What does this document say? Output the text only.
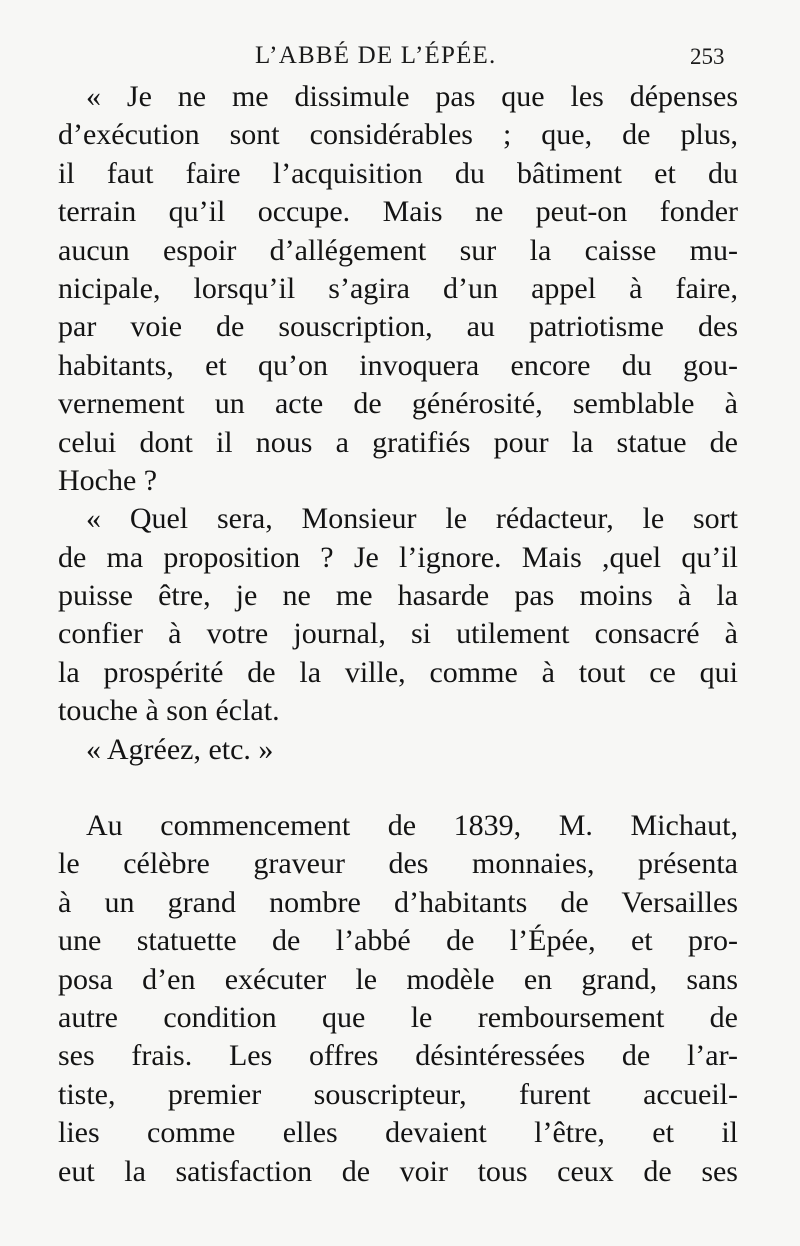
L’ABBÉ DE L’ÉPÉE.	253
« Je ne me dissimule pas que les dépenses
d’exécution sont considérables ; que, de plus,
il faut faire l’acquisition du bâtiment et du
terrain qu’il occupe. Mais ne peut-on fonder
aucun espoir d’allégement sur la caisse mu-
nicipale, lorsqu’il s’agira d’un appel à faire,
par voie de souscription, au patriotisme des
habitants, et qu’on invoquera encore du gou-
vernement un acte de générosité, semblable à
celui dont il nous a gratifiés pour la statue de
Hoche ?
« Quel sera, Monsieur le rédacteur, le sort
de ma proposition ? Je l’ignore. Mais ,quel qu’il
puisse être, je ne me hasarde pas moins à la
confier à votre journal, si utilement consacré à
la prospérité de la ville, comme à tout ce qui
touche à son éclat.
« Agréez, etc. »
Au commencement de 1839, M. Michaut,
le célèbre graveur des monnaies, présenta
à un grand nombre d’habitants de Versailles
une statuette de l’abbé de l’Épée, et pro-
posa d’en exécuter le modèle en grand, sans
autre condition que le remboursement de
ses frais. Les offres désintéressées de l’ar-
tiste, premier souscripteur, furent accueil-
lies comme elles devaient l’être, et il
eut la satisfaction de voir tous ceux de ses
